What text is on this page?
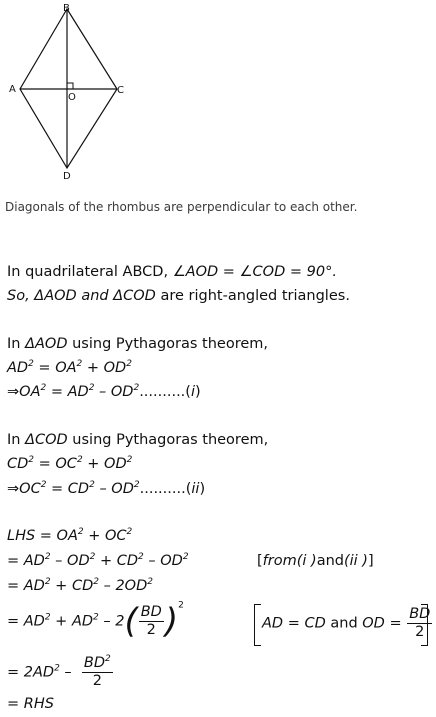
B
A	C
D
O
Diagonals of the rhombus are perpendicular to each other.
In quadrilateral ABCD, ∠AOD = ∠COD = 90°.
So, ΔAOD and ΔCOD are right-angled triangles.
In ΔAOD using Pythagoras theorem,
$AD^2 = OA^2 + OD^2$
$\Rightarrow OA^2 = AD^2 - OD^2..........(i)$
In ΔCOD using Pythagoras theorem,
$CD^2 = OC^2 + OD^2$
$\Rightarrow OC^2 = CD^2 - OD^2..........(ii)$
LHS = $OA^2 + OC^2$
= $AD^2 - OD^2 + CD^2 - OD^2$	[from(i )and(ii )]
= $AD^2 + CD^2 - 2OD^2$
= $AD^2 + AD^2 - 2( \frac{BD}{2} )^2$
AD = CD and OD = $\frac{BD}{2}$
= $2AD^2 - \frac{BD^2}{2}$
= RHS
